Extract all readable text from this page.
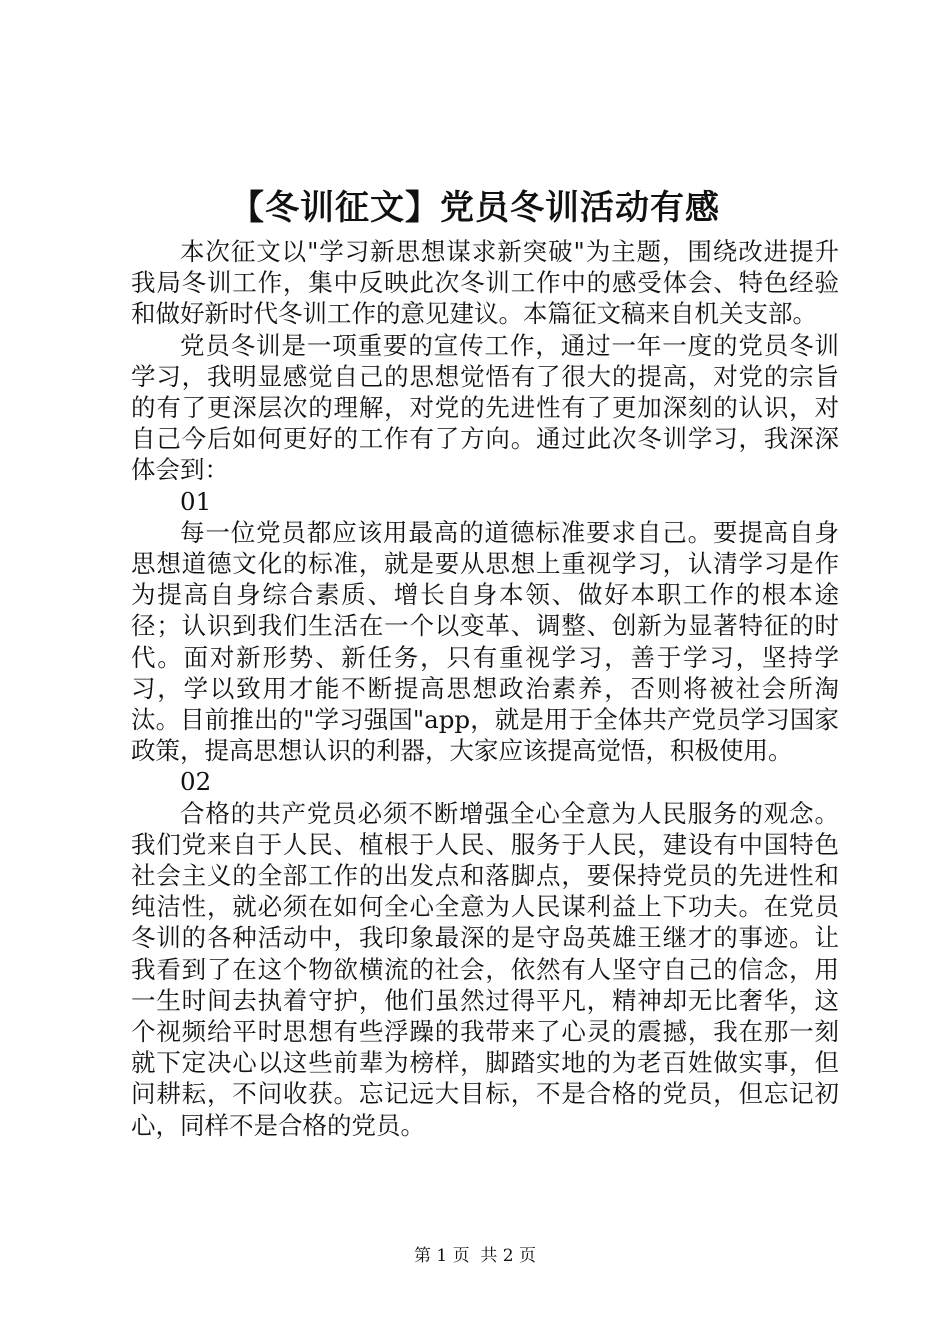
【冬训征文】党员冬训活动有感

本次征文以"学习新思想谋求新突破"为主题，围绕改进提升我局冬训工作，集中反映此次冬训工作中的感受体会、特色经验和做好新时代冬训工作的意见建议。本篇征文稿来自机关支部。

党员冬训是一项重要的宣传工作，通过一年一度的党员冬训学习，我明显感觉自己的思想觉悟有了很大的提高，对党的宗旨的有了更深层次的理解，对党的先进性有了更加深刻的认识，对自己今后如何更好的工作有了方向。通过此次冬训学习，我深深体会到：

01

每一位党员都应该用最高的道德标准要求自己。要提高自身思想道德文化的标准，就是要从思想上重视学习，认清学习是作为提高自身综合素质、增长自身本领、做好本职工作的根本途径；认识到我们生活在一个以变革、调整、创新为显著特征的时代。面对新形势、新任务，只有重视学习，善于学习，坚持学习，学以致用才能不断提高思想政治素养，否则将被社会所淘汰。目前推出的"学习强国"app，就是用于全体共产党员学习国家政策，提高思想认识的利器，大家应该提高觉悟，积极使用。

02

合格的共产党员必须不断增强全心全意为人民服务的观念。我们党来自于人民、植根于人民、服务于人民，建设有中国特色社会主义的全部工作的出发点和落脚点，要保持党员的先进性和纯洁性，就必须在如何全心全意为人民谋利益上下功夫。在党员冬训的各种活动中，我印象最深的是守岛英雄王继才的事迹。让我看到了在这个物欲横流的社会，依然有人坚守自己的信念，用一生时间去执着守护，他们虽然过得平凡，精神却无比奢华，这个视频给平时思想有些浮躁的我带来了心灵的震撼，我在那一刻就下定决心以这些前辈为榜样，脚踏实地的为老百姓做实事，但问耕耘，不问收获。忘记远大目标，不是合格的党员，但忘记初心，同样不是合格的党员。

第 1 页  共 2 页
